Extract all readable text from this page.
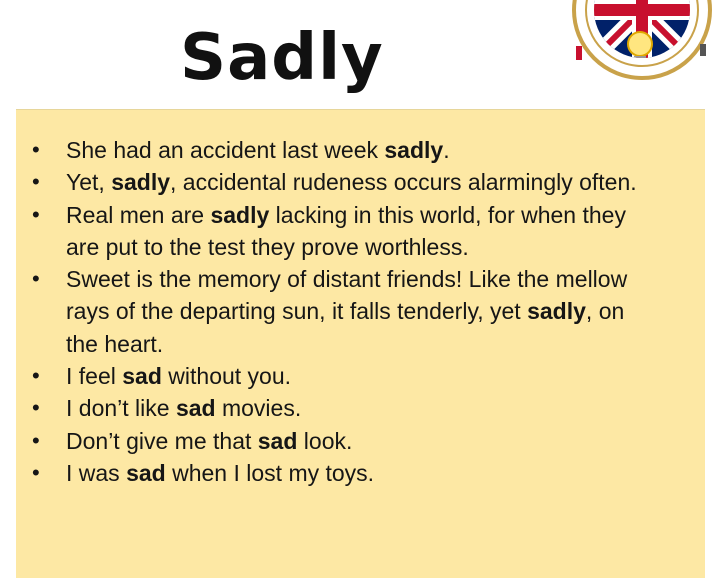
Sadly
• She had an accident last week sadly.
• Yet, sadly, accidental rudeness occurs alarmingly often.
• Real men are sadly lacking in this world, for when they are put to the test they prove worthless.
• Sweet is the memory of distant friends! Like the mellow rays of the departing sun, it falls tenderly, yet sadly, on the heart.
• I feel sad without you.
• I don’t like sad movies.
• Don’t give me that sad look.
• I was sad when I lost my toys.
